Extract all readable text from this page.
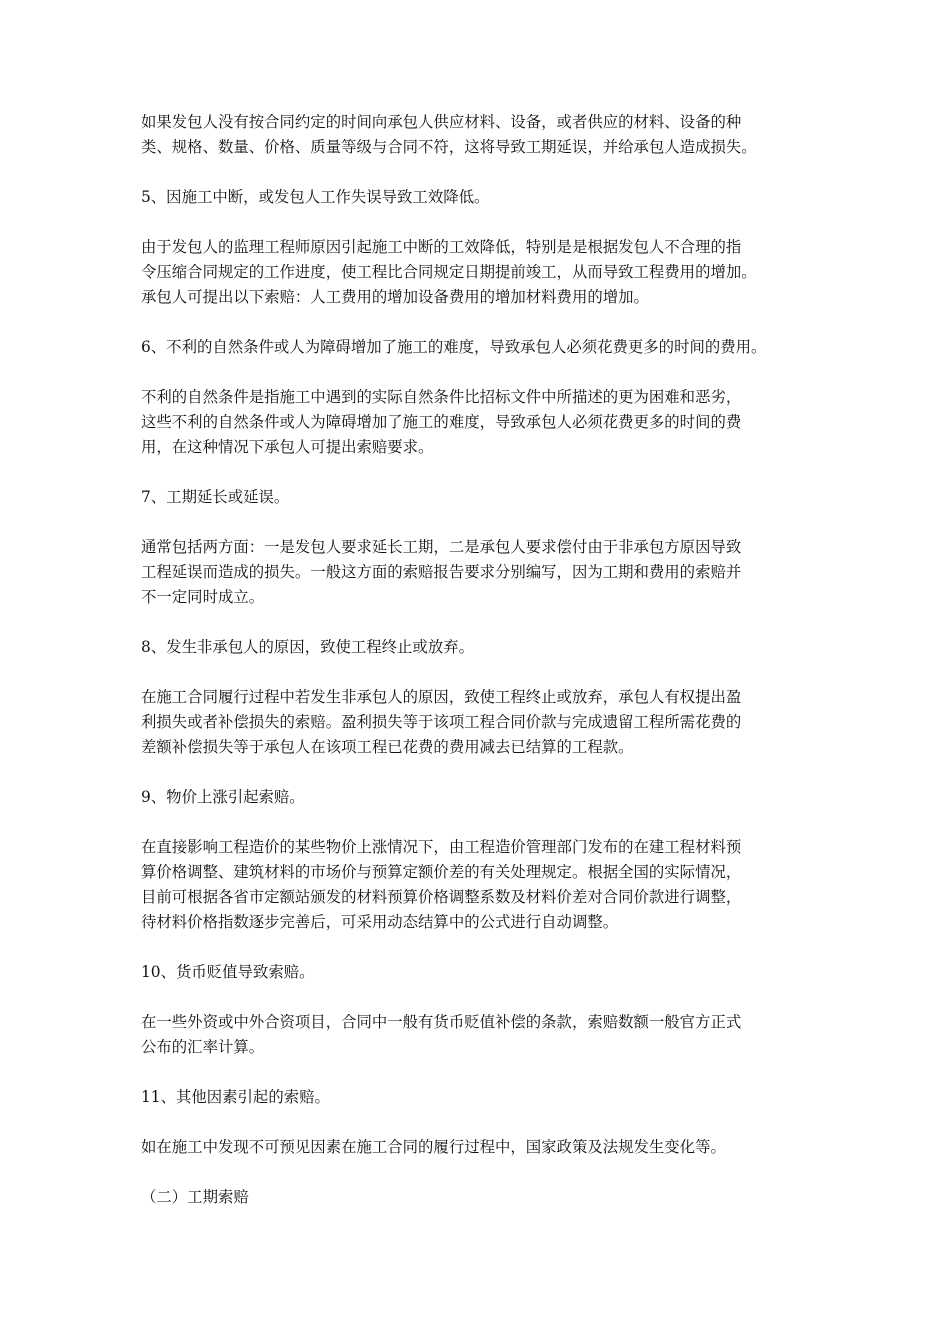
如果发包人没有按合同约定的时间向承包人供应材料、设备，或者供应的材料、设备的种
类、规格、数量、价格、质量等级与合同不符，这将导致工期延误，并给承包人造成损失。

5、因施工中断，或发包人工作失误导致工效降低。

由于发包人的监理工程师原因引起施工中断的工效降低，特别是是根据发包人不合理的指
令压缩合同规定的工作进度，使工程比合同规定日期提前竣工，从而导致工程费用的增加。
承包人可提出以下索赔：人工费用的增加设备费用的增加材料费用的增加。

6、不利的自然条件或人为障碍增加了施工的难度，导致承包人必须花费更多的时间的费用。

不利的自然条件是指施工中遇到的实际自然条件比招标文件中所描述的更为困难和恶劣，
这些不利的自然条件或人为障碍增加了施工的难度，导致承包人必须花费更多的时间的费
用，在这种情况下承包人可提出索赔要求。

7、工期延长或延误。

通常包括两方面：一是发包人要求延长工期，二是承包人要求偿付由于非承包方原因导致
工程延误而造成的损失。一般这方面的索赔报告要求分别编写，因为工期和费用的索赔并
不一定同时成立。

8、发生非承包人的原因，致使工程终止或放弃。

在施工合同履行过程中若发生非承包人的原因，致使工程终止或放弃，承包人有权提出盈
利损失或者补偿损失的索赔。盈利损失等于该项工程合同价款与完成遗留工程所需花费的
差额补偿损失等于承包人在该项工程已花费的费用减去已结算的工程款。

9、物价上涨引起索赔。

在直接影响工程造价的某些物价上涨情况下，由工程造价管理部门发布的在建工程材料预
算价格调整、建筑材料的市场价与预算定额价差的有关处理规定。根据全国的实际情况，
目前可根据各省市定额站颁发的材料预算价格调整系数及材料价差对合同价款进行调整，
待材料价格指数逐步完善后，可采用动态结算中的公式进行自动调整。

10、货币贬值导致索赔。

在一些外资或中外合资项目，合同中一般有货币贬值补偿的条款，索赔数额一般官方正式
公布的汇率计算。

11、其他因素引起的索赔。

如在施工中发现不可预见因素在施工合同的履行过程中，国家政策及法规发生变化等。

（二）工期索赔
